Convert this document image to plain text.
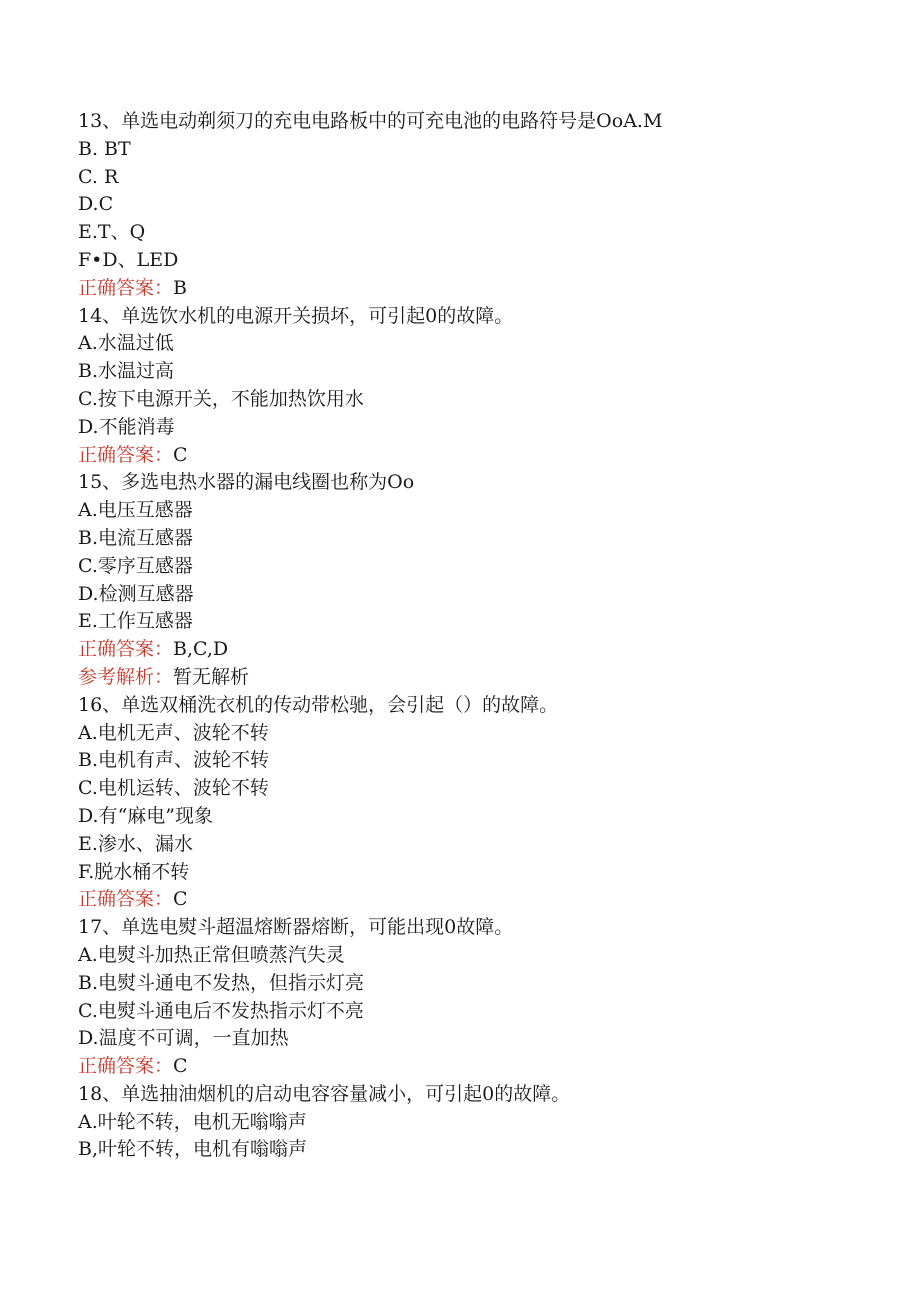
13、单选电动剃须刀的充电电路板中的可充电池的电路符号是OoA.M
B. BT
C. R
D.C
E.T、Q
F•D、LED
正确答案：B
14、单选饮水机的电源开关损坏，可引起0的故障。
A.水温过低
B.水温过高
C.按下电源开关，不能加热饮用水
D.不能消毒
正确答案：C
15、多选电热水器的漏电线圈也称为Oo
A.电压互感器
B.电流互感器
C.零序互感器
D.检测互感器
E.工作互感器
正确答案：B,C,D
参考解析：暂无解析
16、单选双桶洗衣机的传动带松驰，会引起（）的故障。
A.电机无声、波轮不转
B.电机有声、波轮不转
C.电机运转、波轮不转
D.有“麻电”现象
E.渗水、漏水
F.脱水桶不转
正确答案：C
17、单选电熨斗超温熔断器熔断，可能出现0故障。
A.电熨斗加热正常但喷蒸汽失灵
B.电熨斗通电不发热，但指示灯亮
C.电熨斗通电后不发热指示灯不亮
D.温度不可调，一直加热
正确答案：C
18、单选抽油烟机的启动电容容量减小，可引起0的故障。
A.叶轮不转，电机无嗡嗡声
B,叶轮不转，电机有嗡嗡声
